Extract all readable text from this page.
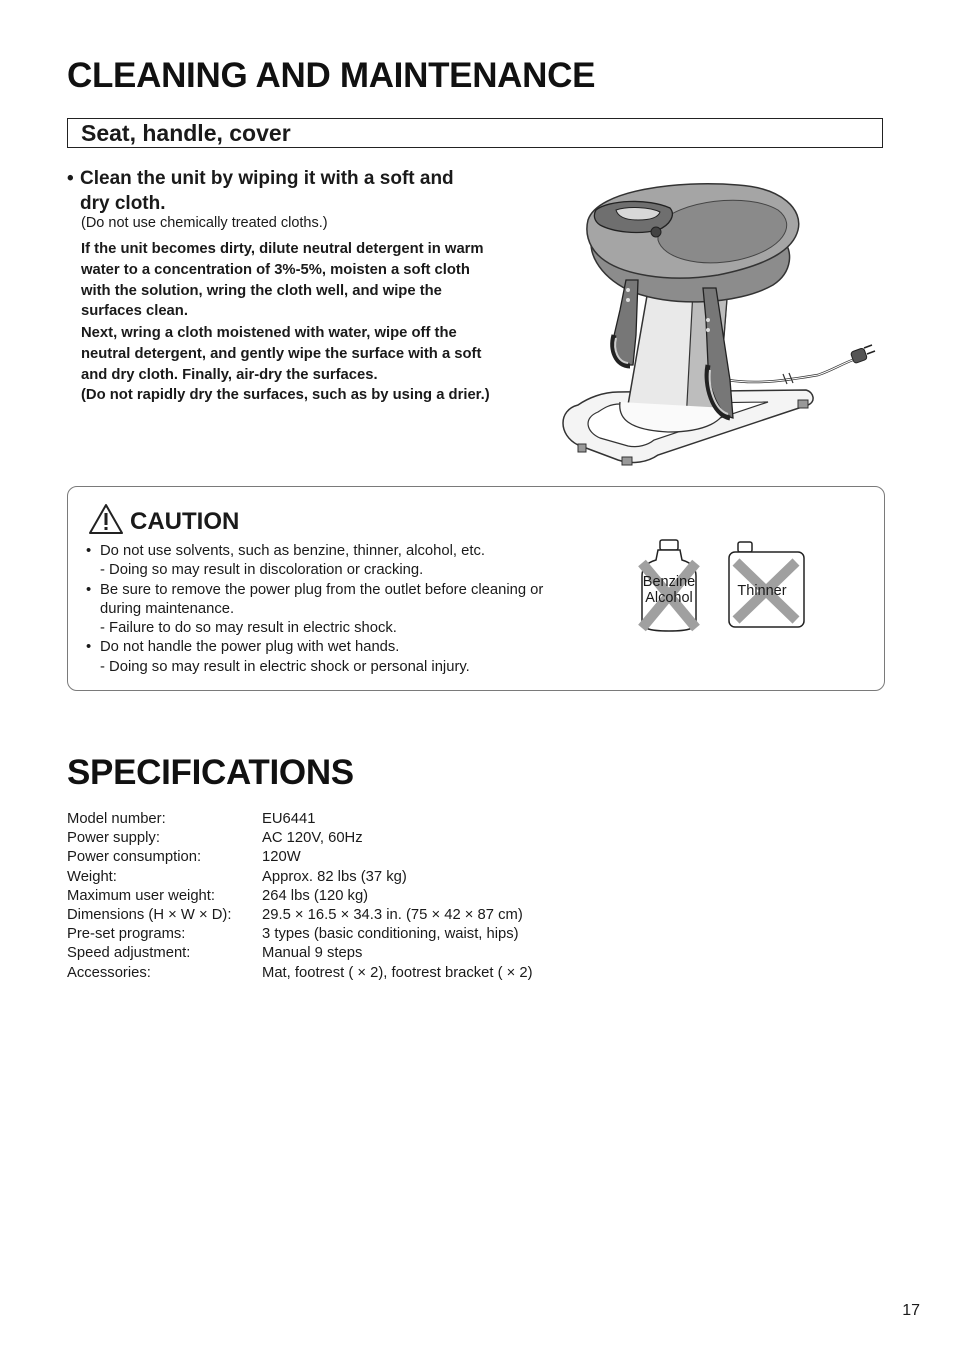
CLEANING AND MAINTENANCE
Seat, handle, cover
• Clean the unit by wiping it with a soft and
dry cloth.
(Do not use chemically treated cloths.)
If the unit becomes dirty, dilute neutral detergent in warm
water to a concentration of 3%-5%, moisten a soft cloth
with the solution, wring the cloth well, and wipe the
surfaces clean.
Next, wring a cloth moistened with water, wipe off the
neutral detergent, and gently wipe the surface with a soft
and dry cloth. Finally, air-dry the surfaces.
(Do not rapidly dry the surfaces, such as by using a drier.)
CAUTION
• Do not use solvents, such as benzine, thinner, alcohol, etc.
- Doing so may result in discoloration or cracking.
• Be sure to remove the power plug from the outlet before cleaning or
during maintenance.
- Failure to do so may result in electric shock.
• Do not handle the power plug with wet hands.
- Doing so may result in electric shock or personal injury.
Benzine
Alcohol	Thinner
SPECIFICATIONS
Model number:	EU6441
Power supply:	AC 120V, 60Hz
Power consumption:	120W
Weight:	Approx. 82 lbs (37 kg)
Maximum user weight:	264 lbs (120 kg)
Dimensions (H × W × D):	29.5 × 16.5 × 34.3 in. (75 × 42 × 87 cm)
Pre-set programs:	3 types (basic conditioning, waist, hips)
Speed adjustment:	Manual 9 steps
Accessories:	Mat, footrest ( × 2), footrest bracket ( × 2)
17
